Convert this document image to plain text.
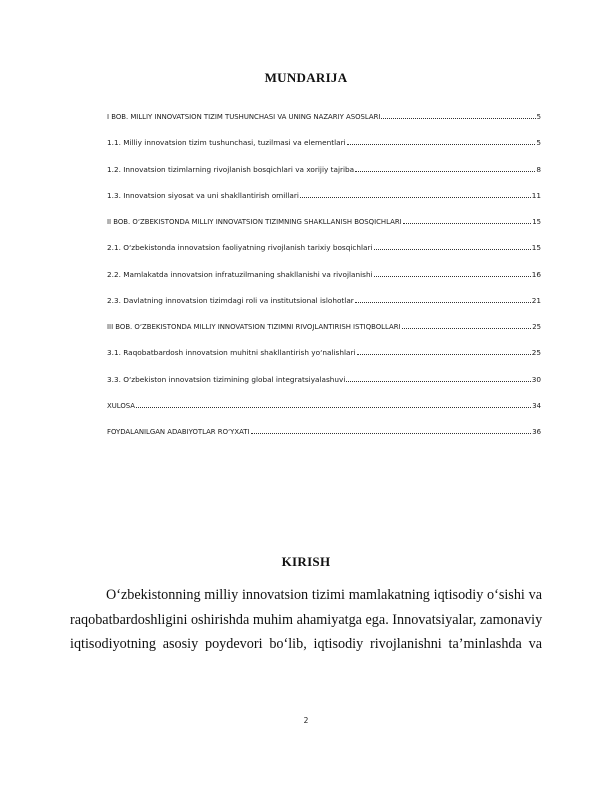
MUNDARIJA
I BOB. MILLIY INNOVATSION TIZIM TUSHUNCHASI VA UNING NAZARIY ASOSLARI	5
1.1. Milliy innovatsion tizim tushunchasi, tuzilmasi va elementlari	5
1.2. Innovatsion tizimlarning rivojlanish bosqichlari va xorijiy tajriba	8
1.3. Innovatsion siyosat va uni shakllantirish omillari	11
II BOB. O‘ZBEKISTONDA MILLIY INNOVATSION TIZIMNING SHAKLLANISH BOSQICHLARI	15
2.1. O‘zbekistonda innovatsion faoliyatning rivojlanish tarixiy bosqichlari	15
2.2. Mamlakatda innovatsion infratuzilmaning shakllanishi va rivojlanishi	16
2.3. Davlatning innovatsion tizimdagi roli va institutsional islohotlar	21
III BOB. O‘ZBEKISTONDA MILLIY INNOVATSION TIZIMNI RIVOJLANTIRISH ISTIQBOLLARI	25
3.1. Raqobatbardosh innovatsion muhitni shakllantirish yo‘nalishlari	25
3.3. O‘zbekiston innovatsion tizimining global integratsiyalashuvi	30
XULOSA	34
FOYDALANILGAN ADABIYOTLAR RO‘YXATI	36
KIRISH
O‘zbekistonning milliy innovatsion tizimi mamlakatning iqtisodiy o‘sishi va
raqobatbardoshligini oshirishda muhim ahamiyatga ega. Innovatsiyalar, zamonaviy
iqtisodiyotning asosiy poydevori bo‘lib, iqtisodiy rivojlanishni ta’minlashda va
2
